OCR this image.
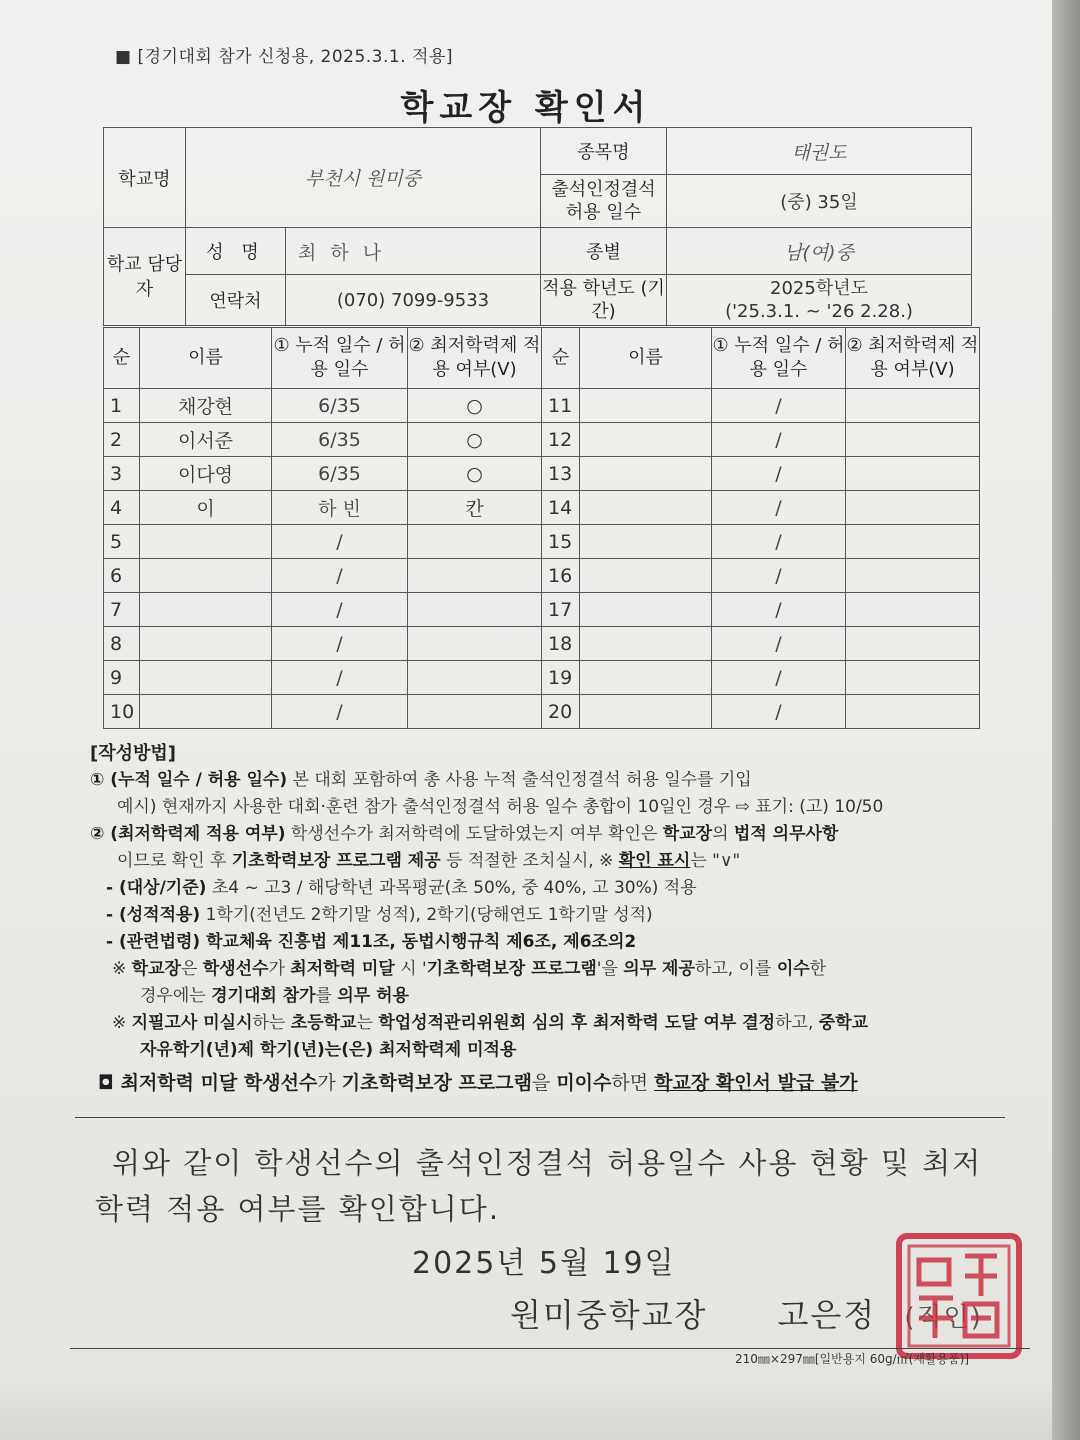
■ [경기대회 참가 신청용, 2025.3.1. 적용]
학교장 확인서
학교명	부천시 원미중		종목명	태권도
			출석인정결석 허용 일수	(중) 35일
학교 담당자	성 명	최 하 나	종별	남(여)중
	연락처	(070) 7099-9533	적용 학년도 (기간)	2025학년도
('25.3.1. ~ '26 2.28.)
순	이름	① 누적 일수 / 허용 일수	② 최저학력제 적용 여부(V)	순	이름	① 누적 일수 / 허용 일수	② 최저학력제 적용 여부(V)
1	채강현	6/35	○	11		/	
2	이서준	6/35	○	12		/	
3	이다영	6/35	○	13		/	
4	이	하 빈	칸	14		/	
5		/		15		/	
6		/		16		/	
7		/		17		/	
8		/		18		/	
9		/		19		/	
10		/		20		/	
[작성방법]
① (누적 일수 / 허용 일수) 본 대회 포함하여 총 사용 누적 출석인정결석 허용 일수를 기입
예시) 현재까지 사용한 대회·훈련 참가 출석인정결석 허용 일수 총합이 10일인 경우 ⇨ 표기: (고) 10/50
② (최저학력제 적용 여부) 학생선수가 최저학력에 도달하였는지 여부 확인은 학교장의 법적 의무사항
이므로 확인 후 기초학력보장 프로그램 제공 등 적절한 조치실시, ※ 확인 표시는 "∨"
- (대상/기준) 초4 ~ 고3 / 해당학년 과목평균(초 50%, 중 40%, 고 30%) 적용
- (성적적용) 1학기(전년도 2학기말 성적), 2학기(당해연도 1학기말 성적)
- (관련법령) 학교체육 진흥법 제11조, 동법시행규칙 제6조, 제6조의2
※ 학교장은 학생선수가 최저학력 미달 시 '기초학력보장 프로그램'을 의무 제공하고, 이를 이수한
경우에는 경기대회 참가를 의무 허용
※ 지필고사 미실시하는 초등학교는 학업성적관리위원회 심의 후 최저학력 도달 여부 결정하고, 중학교
자유학기(년)제 학기(년)는(은) 최저학력제 미적용
◘ 최저학력 미달 학생선수가 기초학력보장 프로그램을 미이수하면 학교장 확인서 발급 불가
위와 같이 학생선수의 출석인정결석 허용일수 사용 현황 및 최저학력 적용 여부를 확인합니다.
2025년 5월 19일
원미중학교장 고은정 (직인)
210㎜×297㎜[일반용지 60g/㎡(재활용품)]
